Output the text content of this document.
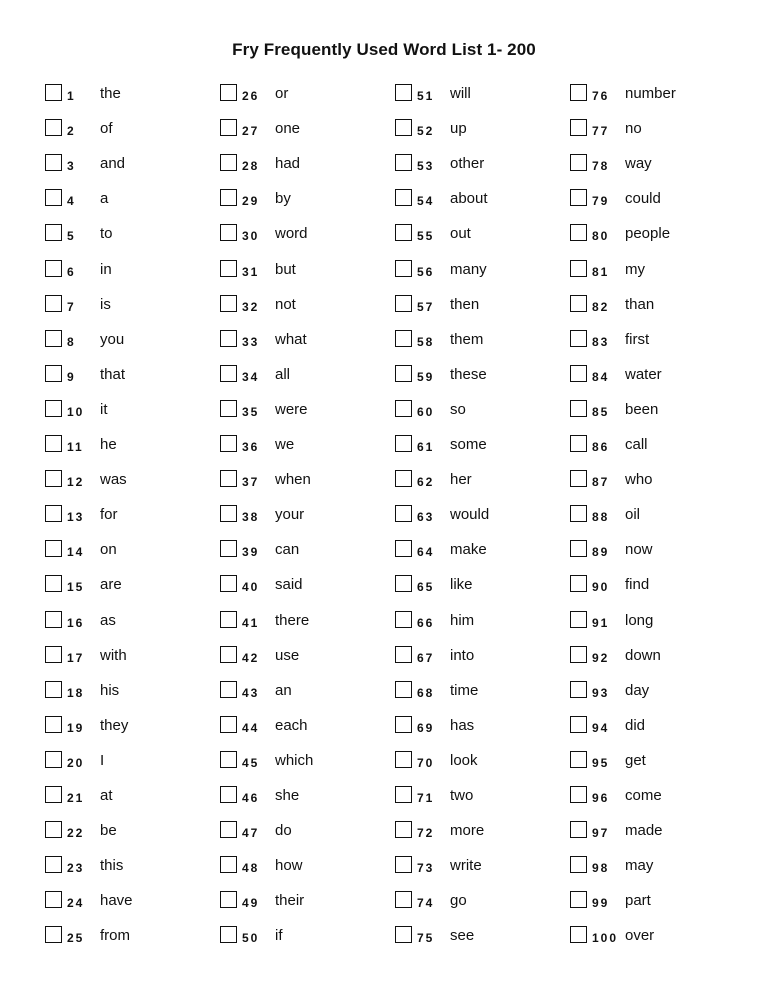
Fry Frequently Used Word List 1- 200
1 the
2 of
3 and
4 a
5 to
6 in
7 is
8 you
9 that
10 it
11 he
12 was
13 for
14 on
15 are
16 as
17 with
18 his
19 they
20 I
21 at
22 be
23 this
24 have
25 from
26 or
27 one
28 had
29 by
30 word
31 but
32 not
33 what
34 all
35 were
36 we
37 when
38 your
39 can
40 said
41 there
42 use
43 an
44 each
45 which
46 she
47 do
48 how
49 their
50 if
51 will
52 up
53 other
54 about
55 out
56 many
57 then
58 them
59 these
60 so
61 some
62 her
63 would
64 make
65 like
66 him
67 into
68 time
69 has
70 look
71 two
72 more
73 write
74 go
75 see
76 number
77 no
78 way
79 could
80 people
81 my
82 than
83 first
84 water
85 been
86 call
87 who
88 oil
89 now
90 find
91 long
92 down
93 day
94 did
95 get
96 come
97 made
98 may
99 part
100 over
